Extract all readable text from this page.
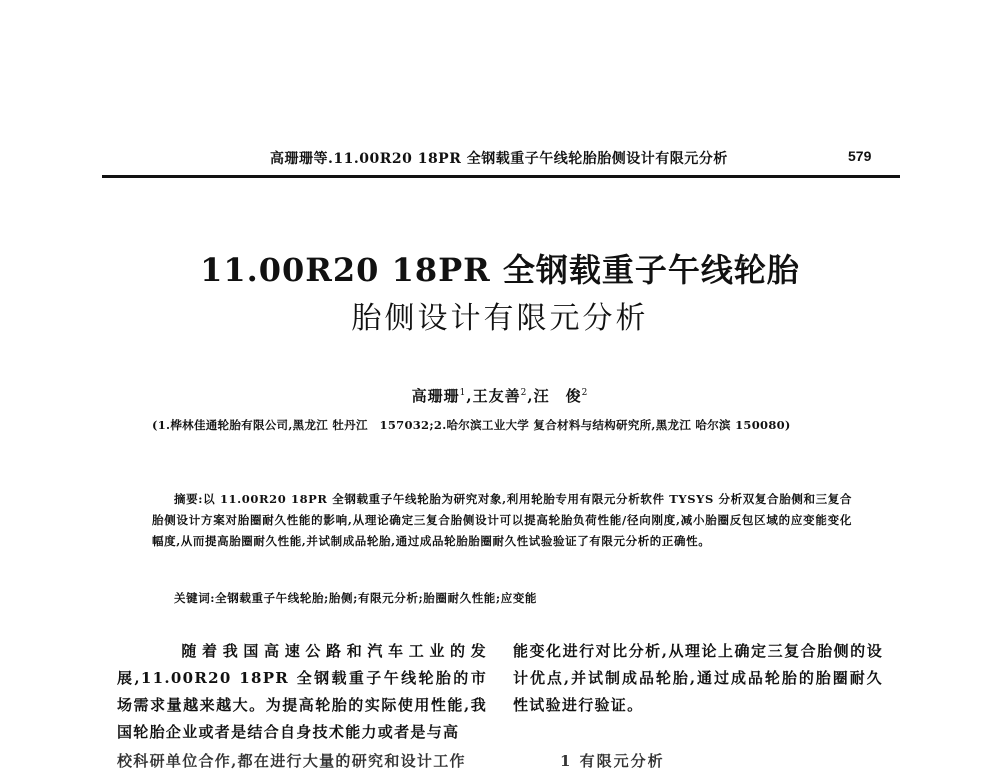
高珊珊等.11.00R20 18PR 全钢载重子午线轮胎胎侧设计有限元分析	579
11.00R20 18PR 全钢载重子午线轮胎
胎侧设计有限元分析
高珊珊$^1$,王友善$^2$,汪　俊$^2$
(1.桦林佳通轮胎有限公司,黑龙江 牡丹江　157032;2.哈尔滨工业大学 复合材料与结构研究所,黑龙江 哈尔滨 150080)
摘要:以 11.00R20 18PR 全钢载重子午线轮胎为研究对象,利用轮胎专用有限元分析软件 TYSYS 分析双复合胎侧和三复合胎侧设计方案对胎圈耐久性能的影响,从理论确定三复合胎侧设计可以提高轮胎负荷性能/径向刚度,减小胎圈反包区域的应变能变化幅度,从而提高胎圈耐久性能,并试制成品轮胎,通过成品轮胎胎圈耐久性试验验证了有限元分析的正确性。
关键词:全钢载重子午线轮胎;胎侧;有限元分析;胎圈耐久性能;应变能
随着我国高速公路和汽车工业的发展,11.00R20 18PR 全钢载重子午线轮胎的市场需求量越来越大。为提高轮胎的实际使用性能,我国轮胎企业或者是结合自身技术能力或者是与高
校科研单位合作,都在进行大量的研究和设计工作
能变化进行对比分析,从理论上确定三复合胎侧的设计优点,并试制成品轮胎,通过成品轮胎的胎圈耐久性试验进行验证。
1 有限元分析
